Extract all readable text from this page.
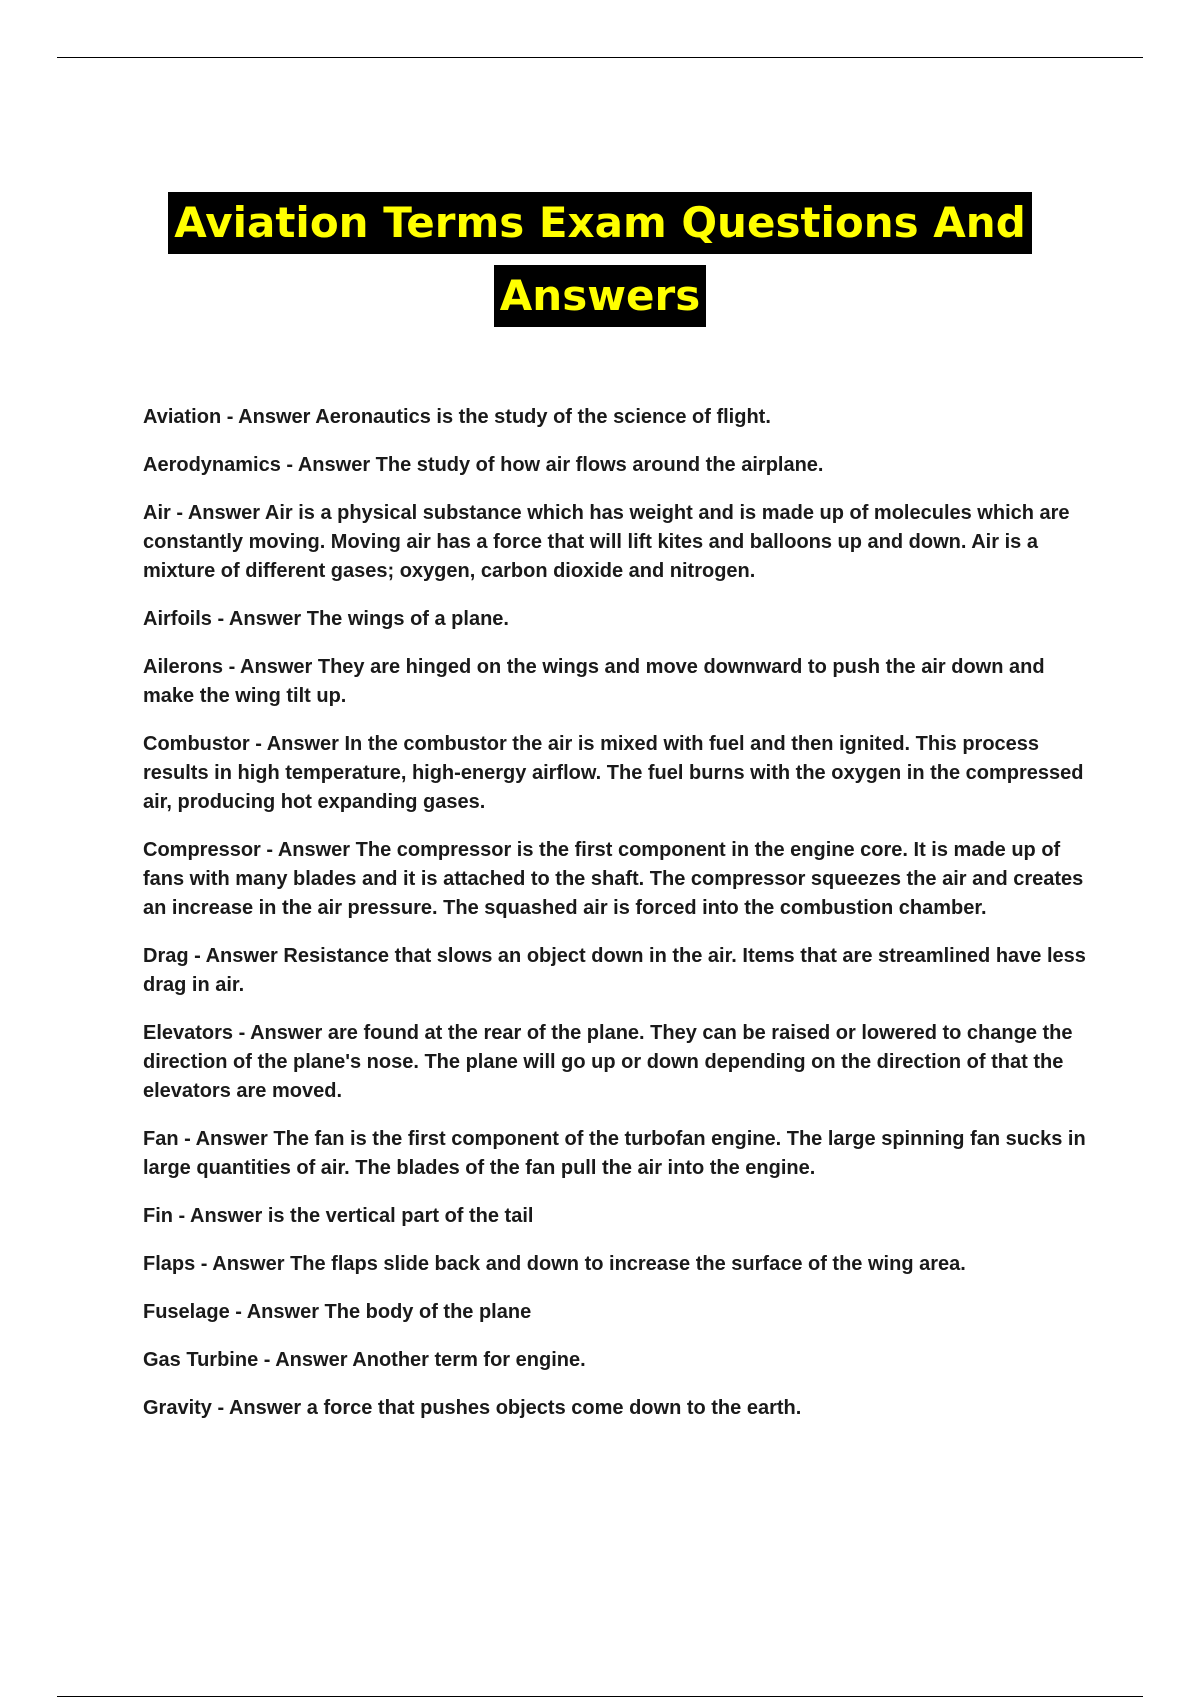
Aviation Terms Exam Questions And
Answers

Aviation - Answer Aeronautics is the study of the science of flight.

Aerodynamics - Answer The study of how air flows around the airplane.

Air - Answer Air is a physical substance which has weight and is made up of molecules which are constantly moving. Moving air has a force that will lift kites and balloons up and down. Air is a mixture of different gases; oxygen, carbon dioxide and nitrogen.

Airfoils - Answer The wings of a plane.

Ailerons - Answer They are hinged on the wings and move downward to push the air down and make the wing tilt up.

Combustor - Answer In the combustor the air is mixed with fuel and then ignited. This process results in high temperature, high-energy airflow. The fuel burns with the oxygen in the compressed air, producing hot expanding gases.

Compressor - Answer The compressor is the first component in the engine core. It is made up of fans with many blades and it is attached to the shaft. The compressor squeezes the air and creates an increase in the air pressure. The squashed air is forced into the combustion chamber.

Drag - Answer Resistance that slows an object down in the air. Items that are streamlined have less drag in air.

Elevators - Answer are found at the rear of the plane. They can be raised or lowered to change the direction of the plane's nose. The plane will go up or down depending on the direction of that the elevators are moved.

Fan - Answer The fan is the first component of the turbofan engine. The large spinning fan sucks in large quantities of air. The blades of the fan pull the air into the engine.

Fin - Answer is the vertical part of the tail

Flaps - Answer The flaps slide back and down to increase the surface of the wing area.

Fuselage - Answer The body of the plane

Gas Turbine - Answer Another term for engine.

Gravity - Answer a force that pushes objects come down to the earth.
